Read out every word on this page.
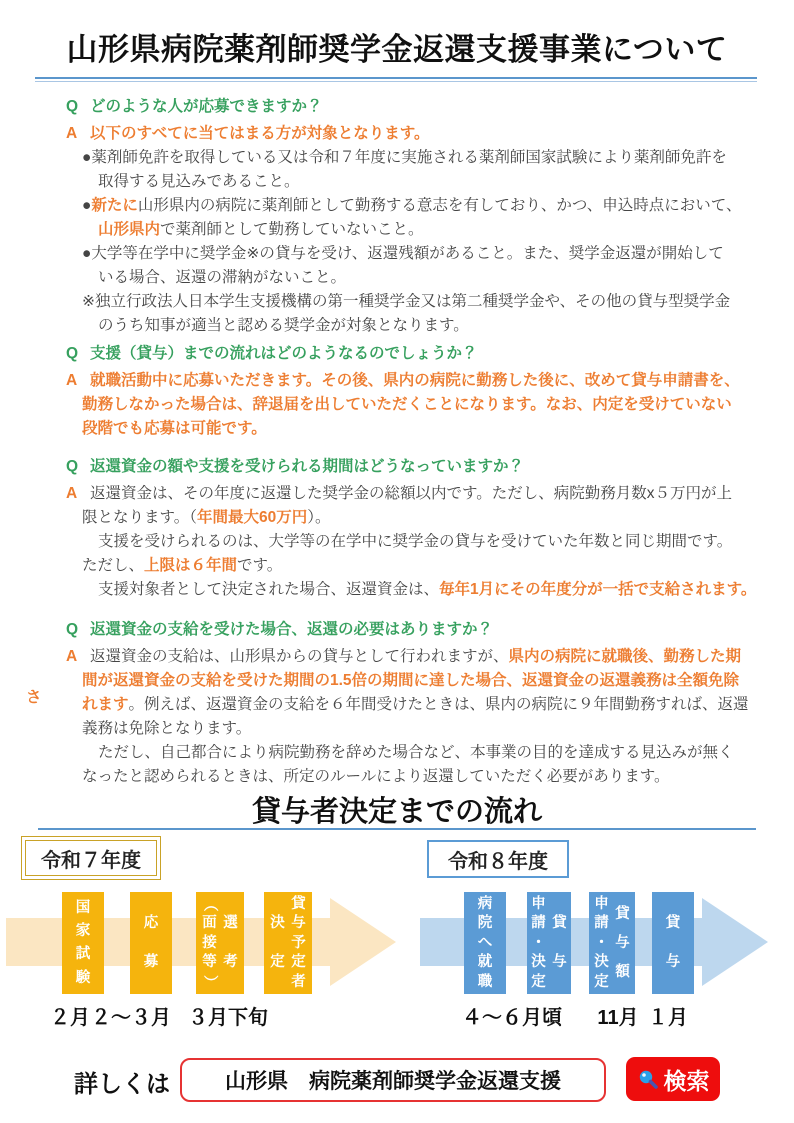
山形県病院薬剤師奨学金返還支援事業について
Q どのような人が応募できますか？
A 以下のすべてに当てはまる方が対象となります。
●薬剤師免許を取得している又は令和７年度に実施される薬剤師国家試験により薬剤師免許を
取得する見込みであること。
●新たに山形県内の病院に薬剤師として勤務する意志を有しており、かつ、申込時点において、
山形県内で薬剤師として勤務していないこと。
●大学等在学中に奨学金※の貸与を受け、返還残額があること。また、奨学金返還が開始して
いる場合、返還の滞納がないこと。
※独立行政法人日本学生支援機構の第一種奨学金又は第二種奨学金や、その他の貸与型奨学金
のうち知事が適当と認める奨学金が対象となります。
Q 支援（貸与）までの流れはどのようなるのでしょうか？
A 就職活動中に応募いただきます。その後、県内の病院に勤務した後に、改めて貸与申請書を、
勤務しなかった場合は、辞退届を出していただくことになります。なお、内定を受けていない
段階でも応募は可能です。
Q 返還資金の額や支援を受けられる期間はどうなっていますか？
A 返還資金は、その年度に返還した奨学金の総額以内です。ただし、病院勤務月数x５万円が上
限となります。（年間最大60万円）。
支援を受けられるのは、大学等の在学中に奨学金の貸与を受けていた年数と同じ期間です。
ただし、上限は６年間です。
支援対象者として決定された場合、返還資金は、毎年1月にその年度分が一括で支給されます。
Q 返還資金の支給を受けた場合、返還の必要はありますか？
A
さ
返還資金の支給は、山形県からの貸与として行われますが、県内の病院に就職後、勤務した期
間が返還資金の支給を受けた期間の1.5倍の期間に達した場合、返還資金の返還義務は全額免除
れます。例えば、返還資金の支給を６年間受けたときは、県内の病院に９年間勤務すれば、返還
義務は免除となります。
ただし、自己都合により病院勤務を辞めた場合など、本事業の目的を達成する見込みが無く
なったと認められるときは、所定のルールにより返還していただく必要があります。
貸与者決定までの流れ
令和７年度	令和８年度
国
家
試
験
応
募
選
考
（
面
接
等
）
貸
与
予
定
者
決
定
病
院
へ
就
職
貸
与
申
請
・
決
定
貸
与
額
申
請
・
決
定
貸
与
２月 ２～３月 ３月下旬	４～６月頃 11月 １月
詳しくは	山形県　病院薬剤師奨学金返還支援	検索
